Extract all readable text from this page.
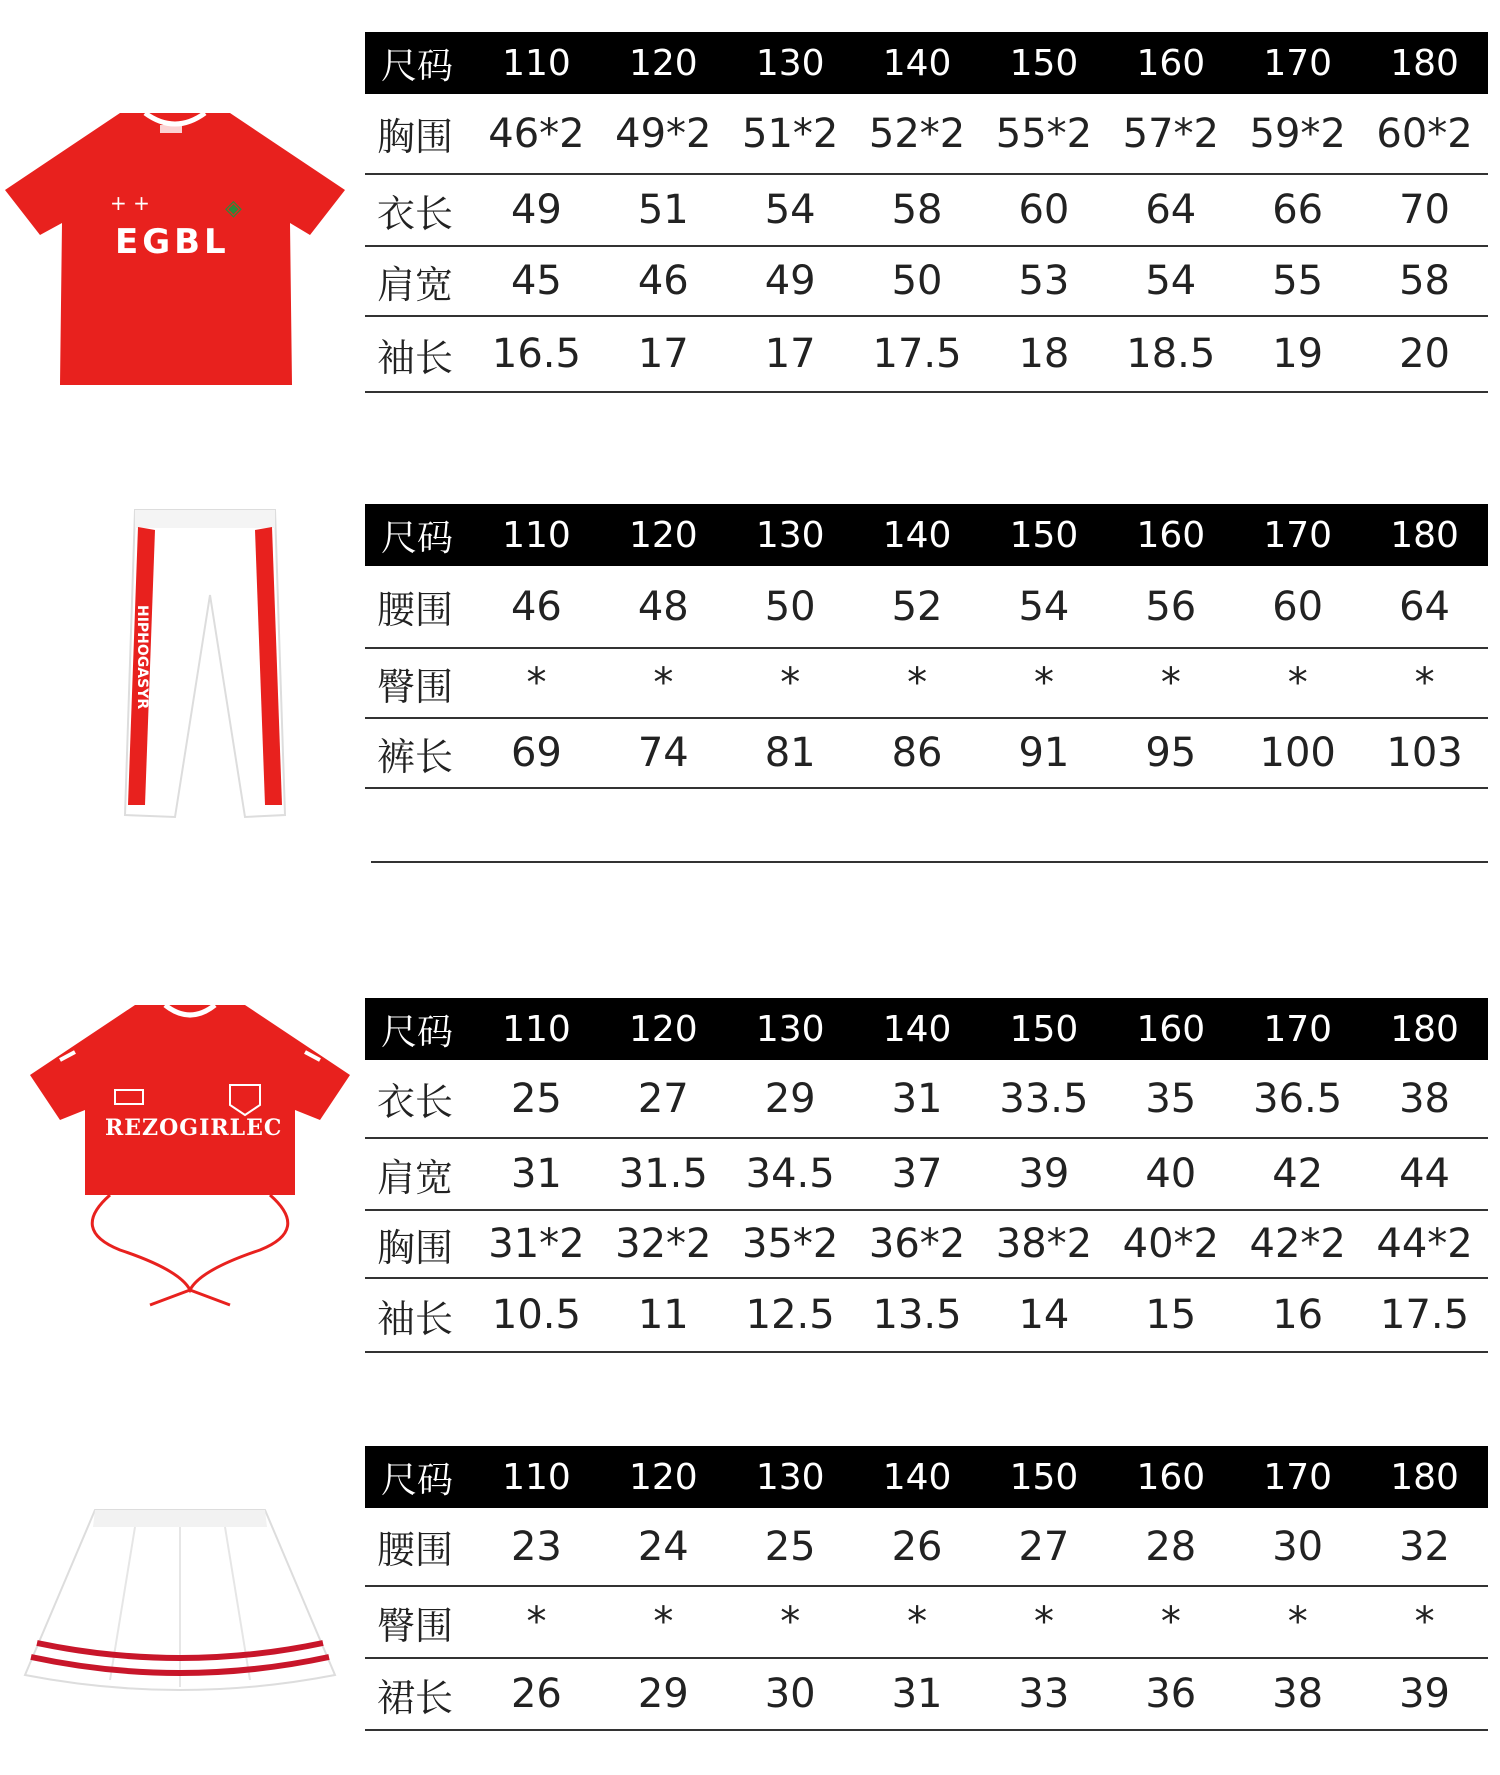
◈
+ +
EGBL
尺码	110	120	130	140	150	160	170	180
胸围	46*2	49*2	51*2	52*2	55*2	57*2	59*2	60*2
衣长	49	51	54	58	60	64	66	70
肩宽	45	46	49	50	53	54	55	58
袖长	16.5	17	17	17.5	18	18.5	19	20
HIPHOGASYR
尺码	110	120	130	140	150	160	170	180
腰围	46	48	50	52	54	56	60	64
臀围	*	*	*	*	*	*	*	*
裤长	69	74	81	86	91	95	100	103
REZOGIRLEC
尺码	110	120	130	140	150	160	170	180
衣长	25	27	29	31	33.5	35	36.5	38
肩宽	31	31.5	34.5	37	39	40	42	44
胸围	31*2	32*2	35*2	36*2	38*2	40*2	42*2	44*2
袖长	10.5	11	12.5	13.5	14	15	16	17.5
尺码	110	120	130	140	150	160	170	180
腰围	23	24	25	26	27	28	30	32
臀围	*	*	*	*	*	*	*	*
裙长	26	29	30	31	33	36	38	39
